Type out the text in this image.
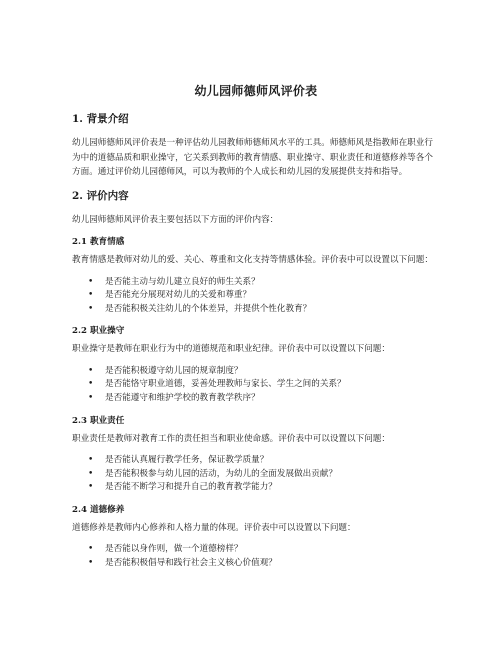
幼儿园师德师风评价表
1. 背景介绍

幼儿园师德师风评价表是一种评估幼儿园教师师德师风水平的工具。师德师风是指教师在职业行为中的道德品质和职业操守，它关系到教师的教育情感、职业操守、职业责任和道德修养等各个方面。通过评价幼儿园德师风，可以为教师的个人成长和幼儿园的发展提供支持和指导。

2. 评价内容

幼儿园师德师风评价表主要包括以下方面的评价内容：

2.1 教育情感

教育情感是教师对幼儿的爱、关心、尊重和文化支持等情感体验。评价表中可以设置以下问题：

• 是否能主动与幼儿建立良好的师生关系？
• 是否能充分展现对幼儿的关爱和尊重？
• 是否能积极关注幼儿的个体差异，并提供个性化教育？
2.2 职业操守

职业操守是教师在职业行为中的道德规范和职业纪律。评价表中可以设置以下问题：

• 是否能积极遵守幼儿园的规章制度？
• 是否能恪守职业道德，妥善处理教师与家长、学生之间的关系？
• 是否能遵守和维护学校的教育教学秩序？
2.3 职业责任

职业责任是教师对教育工作的责任担当和职业使命感。评价表中可以设置以下问题：

• 是否能认真履行教学任务，保证教学质量？
• 是否能积极参与幼儿园的活动，为幼儿的全面发展做出贡献？
• 是否能不断学习和提升自己的教育教学能力？
2.4 道德修养

道德修养是教师内心修养和人格力量的体现。评价表中可以设置以下问题：

• 是否能以身作则，做一个道德榜样？
• 是否能积极倡导和践行社会主义核心价值观？
